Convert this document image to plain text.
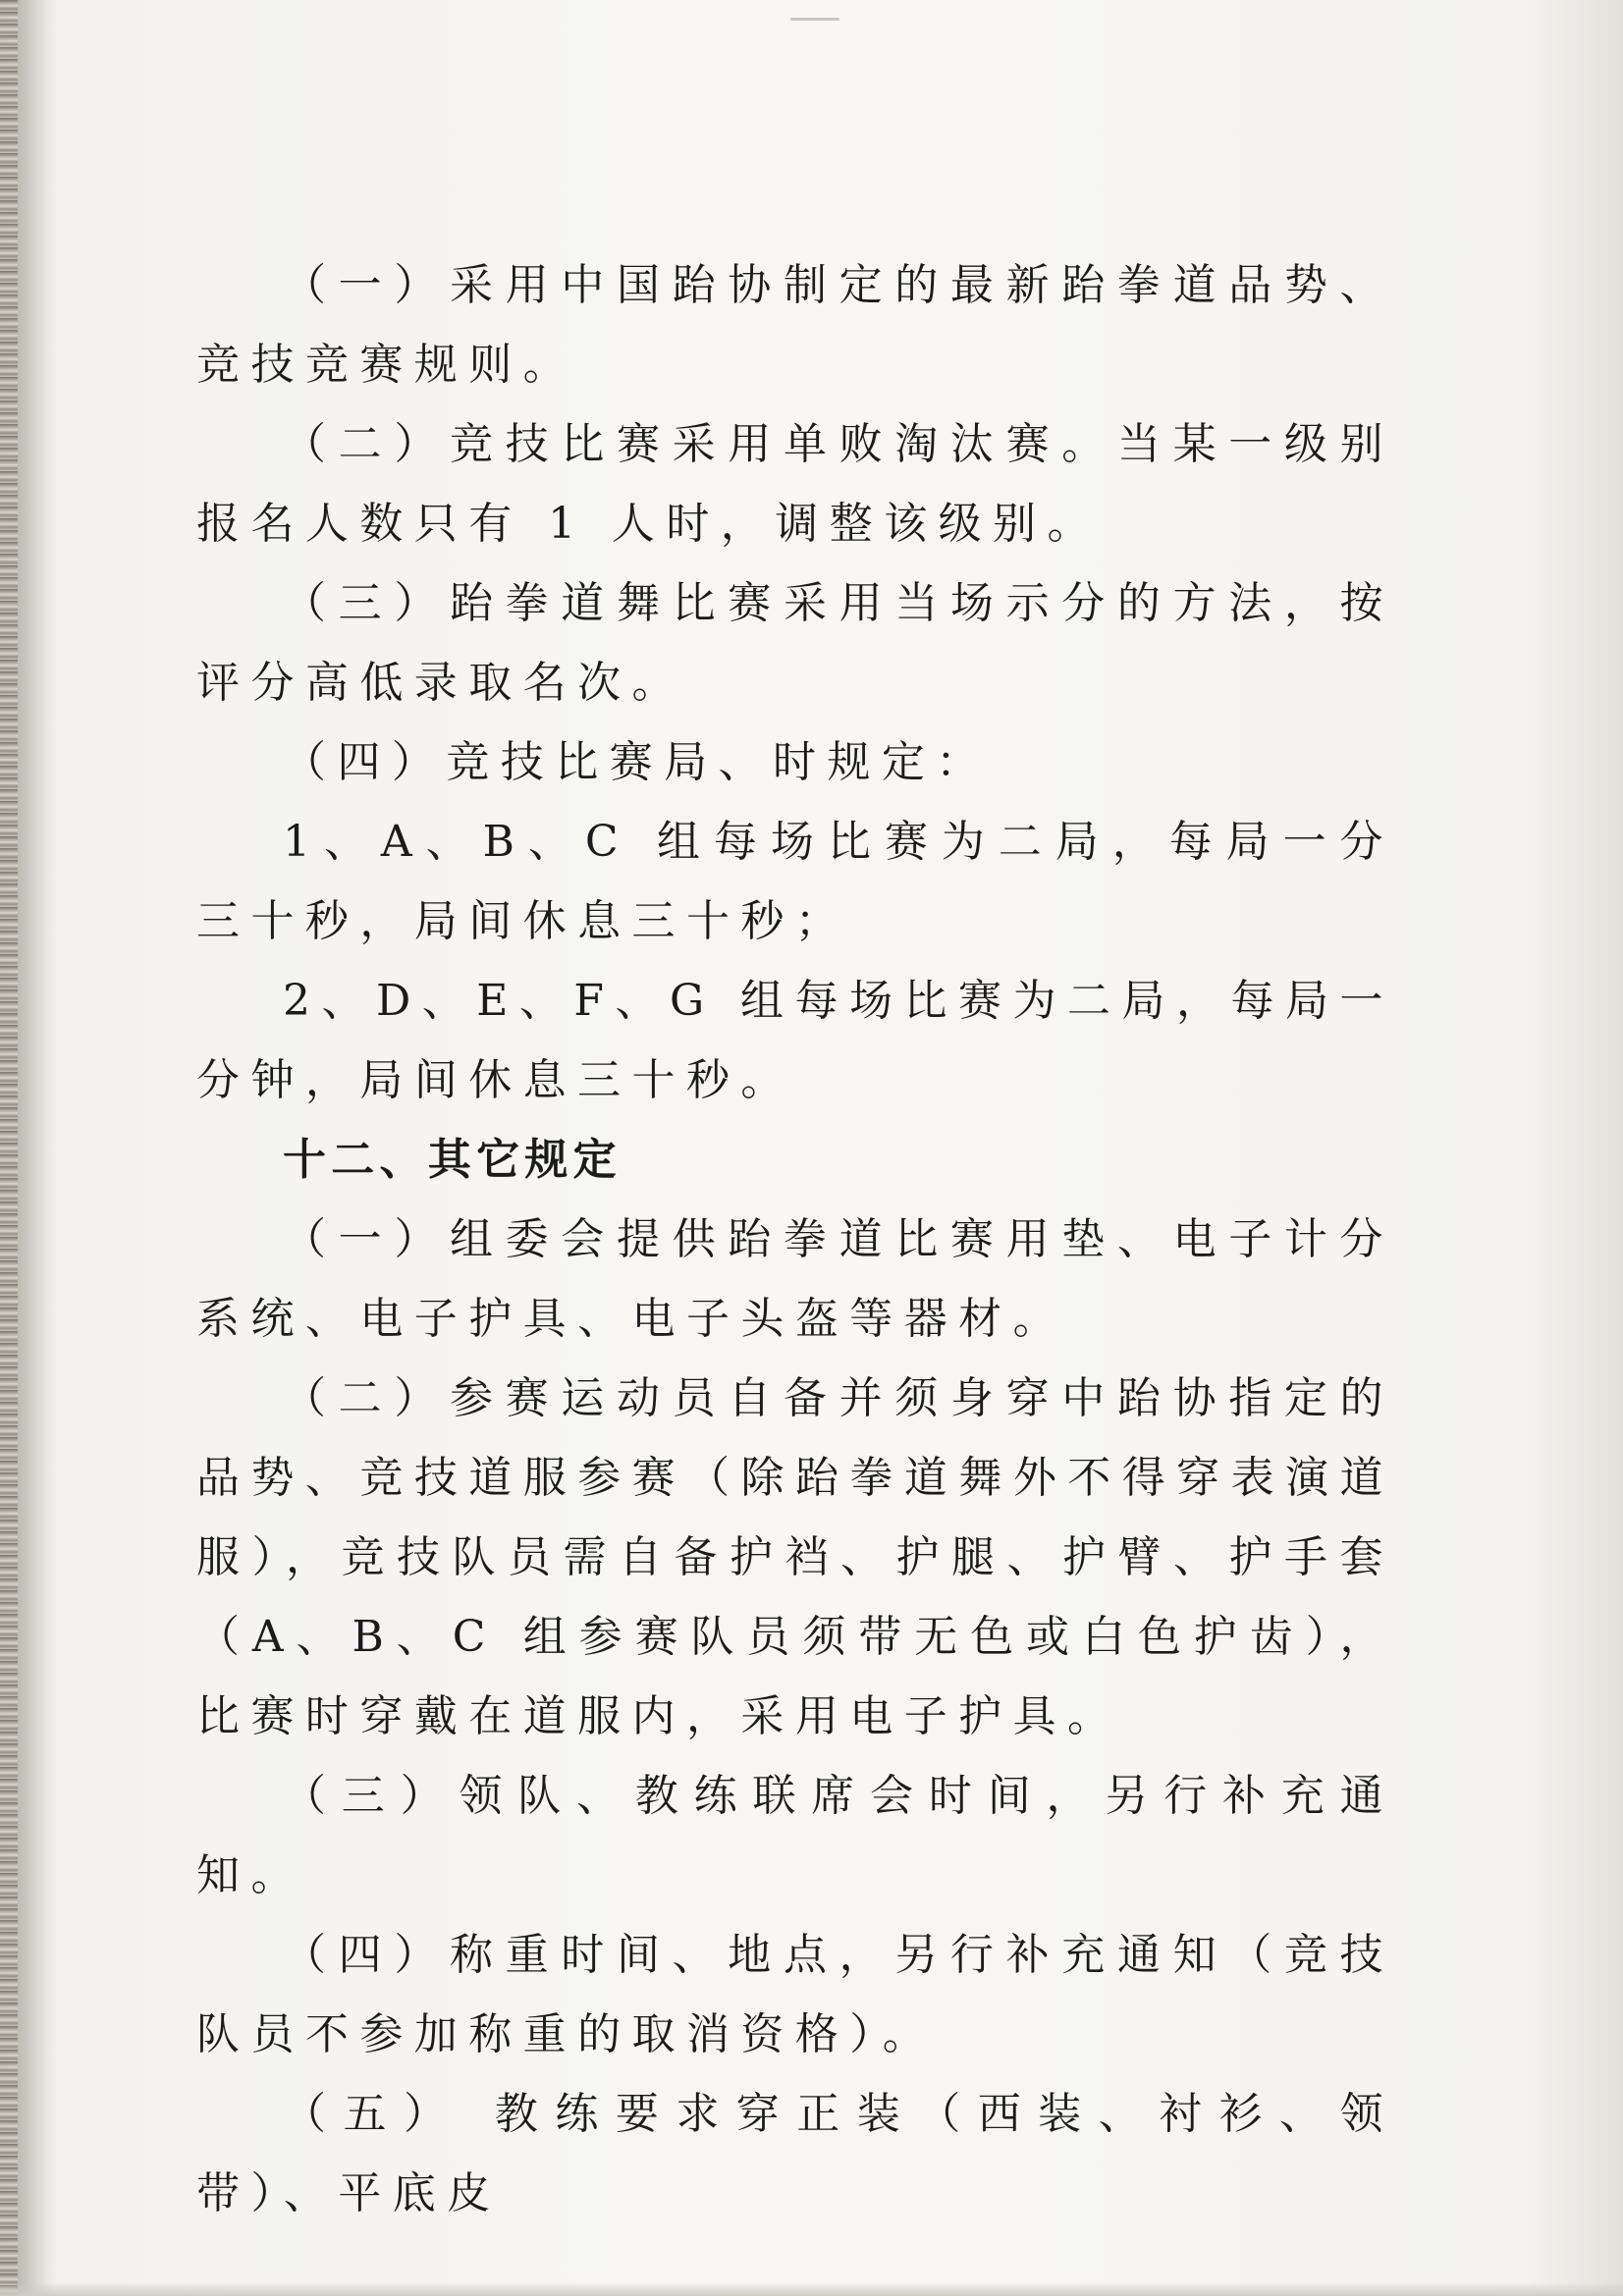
（一）采用中国跆协制定的最新跆拳道品势、竞技竞赛规则。

（二）竞技比赛采用单败淘汰赛。当某一级别报名人数只有 1 人时，调整该级别。

（三）跆拳道舞比赛采用当场示分的方法，按评分高低录取名次。

（四）竞技比赛局、时规定：

1、A、B、C 组每场比赛为二局，每局一分三十秒，局间休息三十秒；

2、D、E、F、G 组每场比赛为二局，每局一分钟，局间休息三十秒。

十二、其它规定

（一）组委会提供跆拳道比赛用垫、电子计分系统、电子护具、电子头盔等器材。

（二）参赛运动员自备并须身穿中跆协指定的品势、竞技道服参赛（除跆拳道舞外不得穿表演道服），竞技队员需自备护裆、护腿、护臂、护手套（A、B、C 组参赛队员须带无色或白色护齿），比赛时穿戴在道服内，采用电子护具。

（三）领队、教练联席会时间，另行补充通知。

（四）称重时间、地点，另行补充通知（竞技队员不参加称重的取消资格）。

（五） 教练要求穿正装（西装、衬衫、领带）、平底皮
